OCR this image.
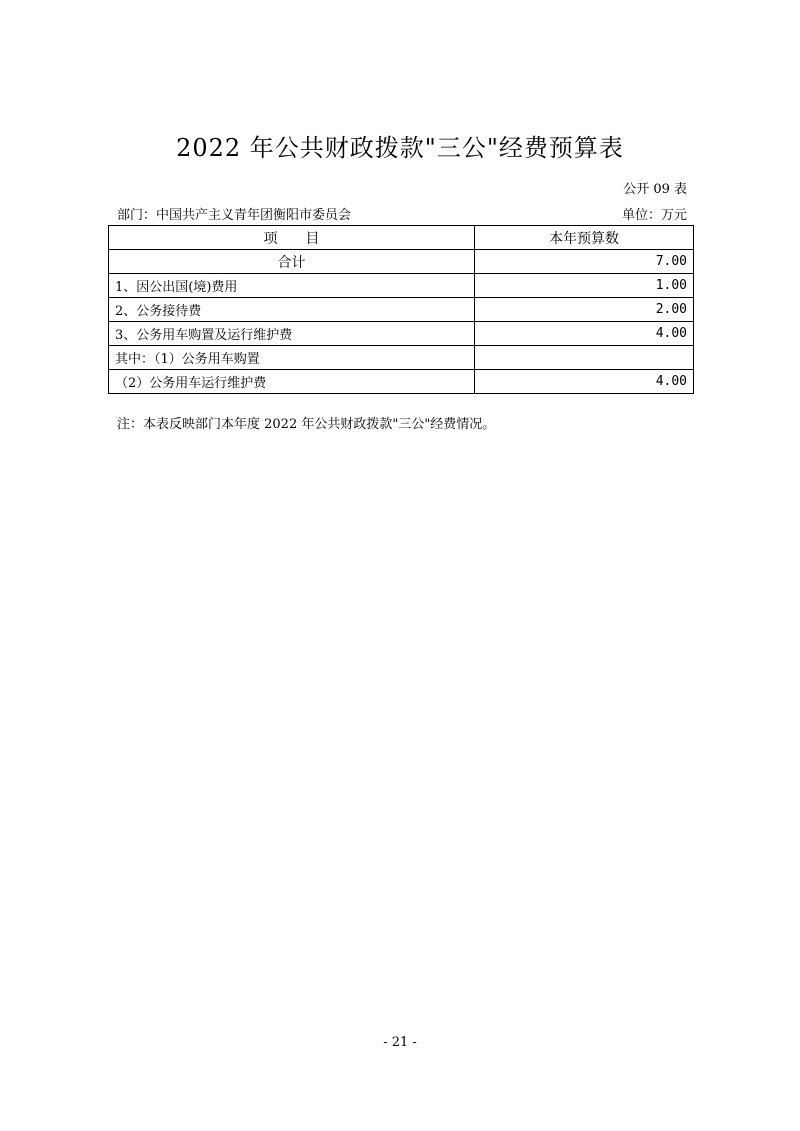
2022 年公共财政拨款"三公"经费预算表
公开 09 表
部门：中国共产主义青年团衡阳市委员会	单位：万元
项　　目	本年预算数
合计	7.00
1、因公出国(境)费用	1.00
2、公务接待费	2.00
3、公务用车购置及运行维护费	4.00
其中：（1）公务用车购置	
（2）公务用车运行维护费	4.00
注：本表反映部门本年度 2022 年公共财政拨款"三公"经费情况。
- 21 -
